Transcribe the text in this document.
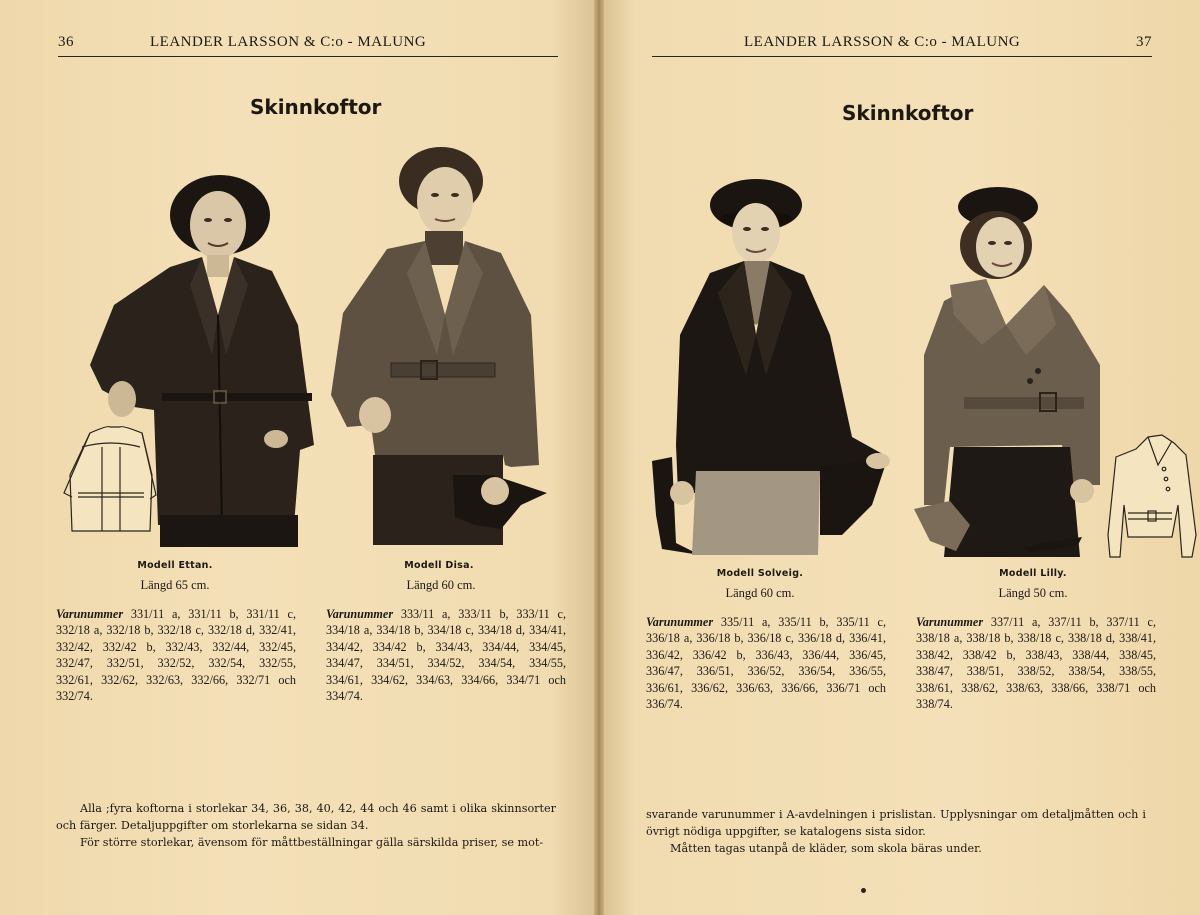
36	LEANDER LARSSON & C:o - MALUNG	LEANDER LARSSON & C:o - MALUNG	37
Skinnkoftor	Skinnkoftor
Modell Ettan.
Längd 65 cm.
Varunummer 331/11 a, 331/11 b, 331/11 c, 332/18 a, 332/18 b, 332/18 c, 332/18 d, 332/41, 332/42, 332/42 b, 332/43, 332/44, 332/45, 332/47, 332/51, 332/52, 332/54, 332/55, 332/61, 332/62, 332/63, 332/66, 332/71 och 332/74.
Modell Disa.
Längd 60 cm.
Varunummer 333/11 a, 333/11 b, 333/11 c, 334/18 a, 334/18 b, 334/18 c, 334/18 d, 334/41, 334/42, 334/42 b, 334/43, 334/44, 334/45, 334/47, 334/51, 334/52, 334/54, 334/55, 334/61, 334/62, 334/63, 334/66, 334/71 och 334/74.
Modell Solveig.
Längd 60 cm.
Varunummer 335/11 a, 335/11 b, 335/11 c, 336/18 a, 336/18 b, 336/18 c, 336/18 d, 336/41, 336/42, 336/42 b, 336/43, 336/44, 336/45, 336/47, 336/51, 336/52, 336/54, 336/55, 336/61, 336/62, 336/63, 336/66, 336/71 och 336/74.
Modell Lilly.
Längd 50 cm.
Varunummer 337/11 a, 337/11 b, 337/11 c, 338/18 a, 338/18 b, 338/18 c, 338/18 d, 338/41, 338/42, 338/42 b, 338/43, 338/44, 338/45, 338/47, 338/51, 338/52, 338/54, 338/55, 338/61, 338/62, 338/63, 338/66, 338/71 och 338/74.

Alla ;fyra koftorna i storlekar 34, 36, 38, 40, 42, 44 och 46 samt i olika skinnsorter och färger. Detaljuppgifter om storlekarna se sidan 34.

För större storlekar, ävensom för måttbeställningar gälla särskilda priser, se mot-

svarande varunummer i A-avdelningen i prislistan. Upplysningar om detaljmåtten och i övrigt nödiga uppgifter, se katalogens sista sidor.

Måtten tagas utanpå de kläder, som skola bäras under.
